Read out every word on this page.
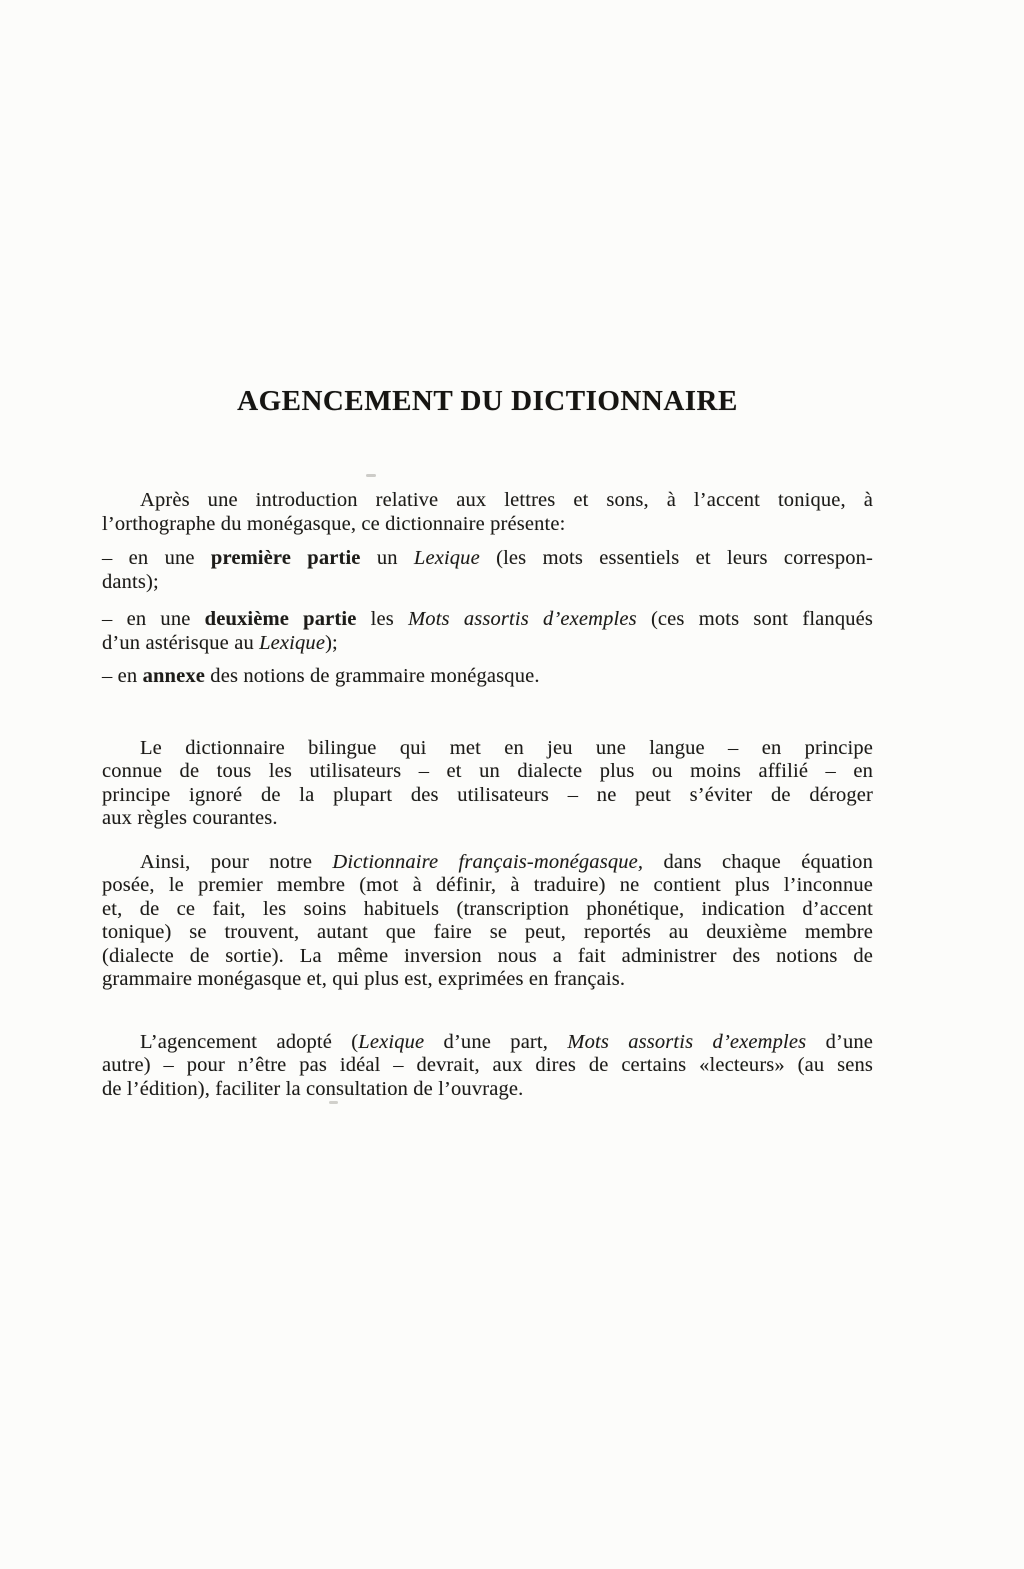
AGENCEMENT DU DICTIONNAIRE
Après une introduction relative aux lettres et sons, à l’accent tonique, à
l’orthographe du monégasque, ce dictionnaire présente:
– en une première partie un Lexique (les mots essentiels et leurs correspon-
dants);
– en une deuxième partie les Mots assortis d’exemples (ces mots sont flanqués
d’un astérisque au Lexique);
– en annexe des notions de grammaire monégasque.
Le dictionnaire bilingue qui met en jeu une langue – en principe
connue de tous les utilisateurs – et un dialecte plus ou moins affilié – en
principe ignoré de la plupart des utilisateurs – ne peut s’éviter de déroger
aux règles courantes.
Ainsi, pour notre Dictionnaire français-monégasque, dans chaque équation
posée, le premier membre (mot à définir, à traduire) ne contient plus l’inconnue
et, de ce fait, les soins habituels (transcription phonétique, indication d’accent
tonique) se trouvent, autant que faire se peut, reportés au deuxième membre
(dialecte de sortie). La même inversion nous a fait administrer des notions de
grammaire monégasque et, qui plus est, exprimées en français.
L’agencement adopté (Lexique d’une part, Mots assortis d’exemples d’une
autre) – pour n’être pas idéal – devrait, aux dires de certains «lecteurs» (au sens
de l’édition), faciliter la consultation de l’ouvrage.
